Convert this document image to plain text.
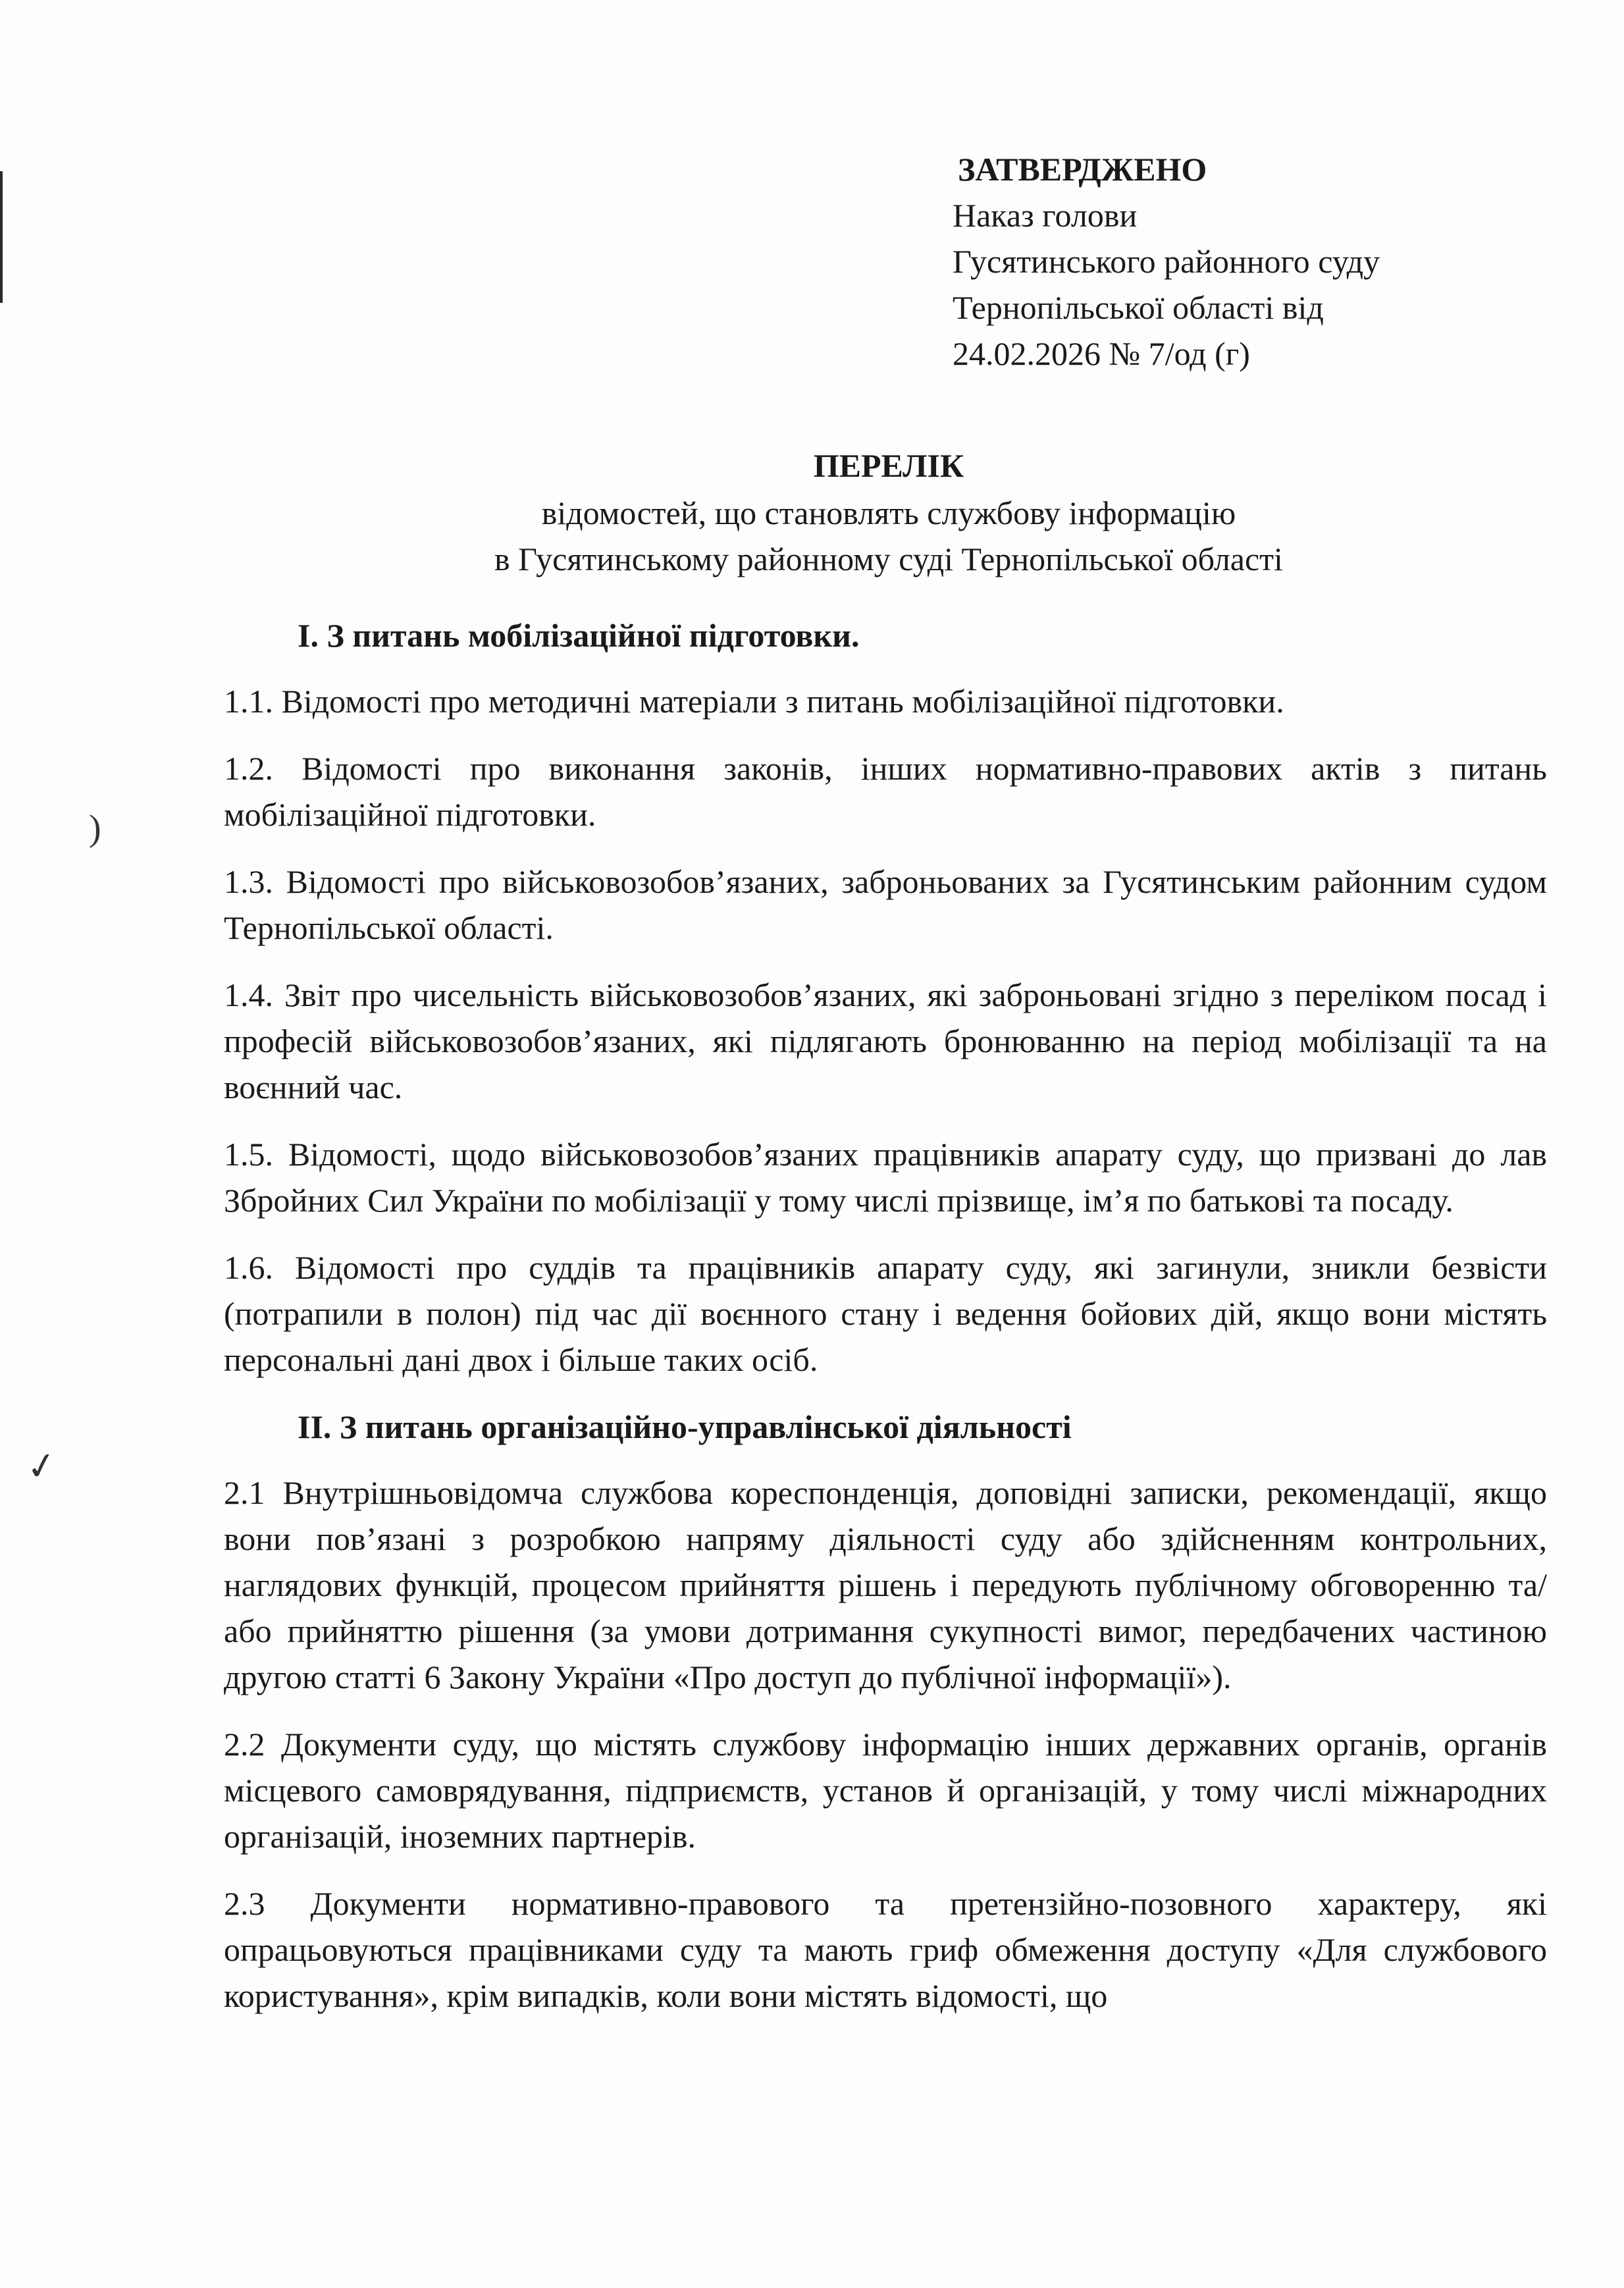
ЗАТВЕРДЖЕНО
Наказ голови
Гусятинського районного суду
Тернопільської області від
24.02.2026 № 7/од (г)
ПЕРЕЛІК
відомостей, що становлять службову інформацію
в Гусятинському районному суді Тернопільської області
I. З питань мобілізаційної підготовки.

1.1. Відомості про методичні матеріали з питань мобілізаційної підготовки.

1.2. Відомості про виконання законів, інших нормативно-правових актів з питань мобілізаційної підготовки.

1.3. Відомості про військовозобов’язаних, заброньованих за Гусятинським районним судом Тернопільської області.

1.4. Звіт про чисельність військовозобов’язаних, які заброньовані згідно з переліком посад і професій військовозобов’язаних, які підлягають бронюванню на період мобілізації та на воєнний час.

1.5. Відомості, щодо військовозобов’язаних працівників апарату суду, що призвані до лав Збройних Сил України по мобілізації у тому числі прізвище, ім’я по батькові та посаду.

1.6. Відомості про суддів та працівників апарату суду, які загинули, зникли безвісти (потрапили в полон) під час дії воєнного стану і ведення бойових дій, якщо вони містять персональні дані двох і більше таких осіб.

II. З питань організаційно-управлінської діяльності

2.1 Внутрішньовідомча службова кореспонденція, доповідні записки, рекомендації, якщо вони пов’язані з розробкою напряму діяльності суду або здійсненням контрольних, наглядових функцій, процесом прийняття рішень і передують публічному обговоренню та/або прийняттю рішення (за умови дотримання сукупності вимог, передбачених частиною другою статті 6 Закону України «Про доступ до публічної інформації»).

2.2 Документи суду, що містять службову інформацію інших державних органів, органів місцевого самоврядування, підприємств, установ й організацій, у тому числі міжнародних організацій, іноземних партнерів.

2.3 Документи нормативно-правового та претензійно-позовного характеру, які опрацьовуються працівниками суду та мають гриф обмеження доступу «Для службового користування», крім випадків, коли вони містять відомості, що

)
✓
